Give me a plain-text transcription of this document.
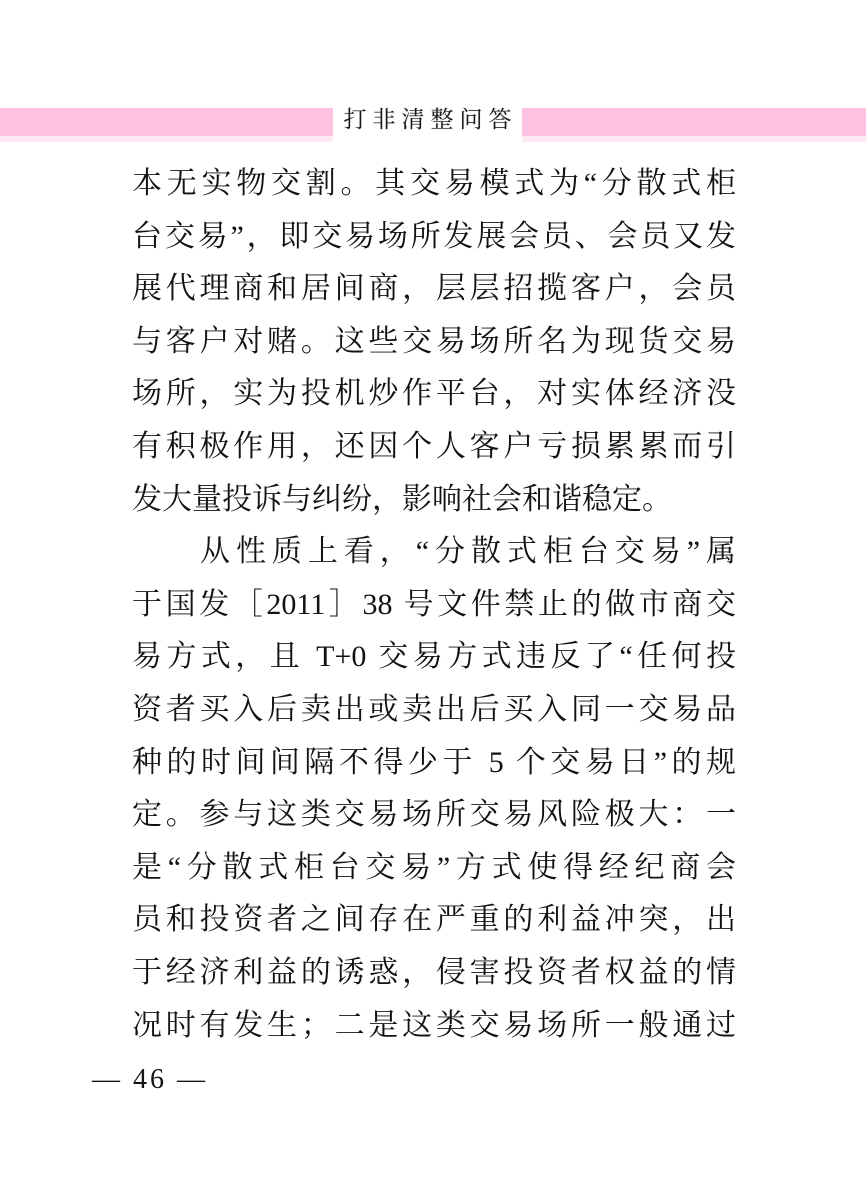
打非清整问答
本无实物交割。其交易模式为“分散式柜
台交易”，即交易场所发展会员、会员又发
展代理商和居间商，层层招揽客户，会员
与客户对赌。这些交易场所名为现货交易
场所，实为投机炒作平台，对实体经济没
有积极作用，还因个人客户亏损累累而引
发大量投诉与纠纷，影响社会和谐稳定。
从性质上看，“分散式柜台交易”属
于国发［2011］38 号文件禁止的做市商交
易方式，且 T+0 交易方式违反了“任何投
资者买入后卖出或卖出后买入同一交易品
种的时间间隔不得少于 5 个交易日”的规
定。参与这类交易场所交易风险极大：一
是“分散式柜台交易”方式使得经纪商会
员和投资者之间存在严重的利益冲突，出
于经济利益的诱惑，侵害投资者权益的情
况时有发生；二是这类交易场所一般通过
— 46 —
